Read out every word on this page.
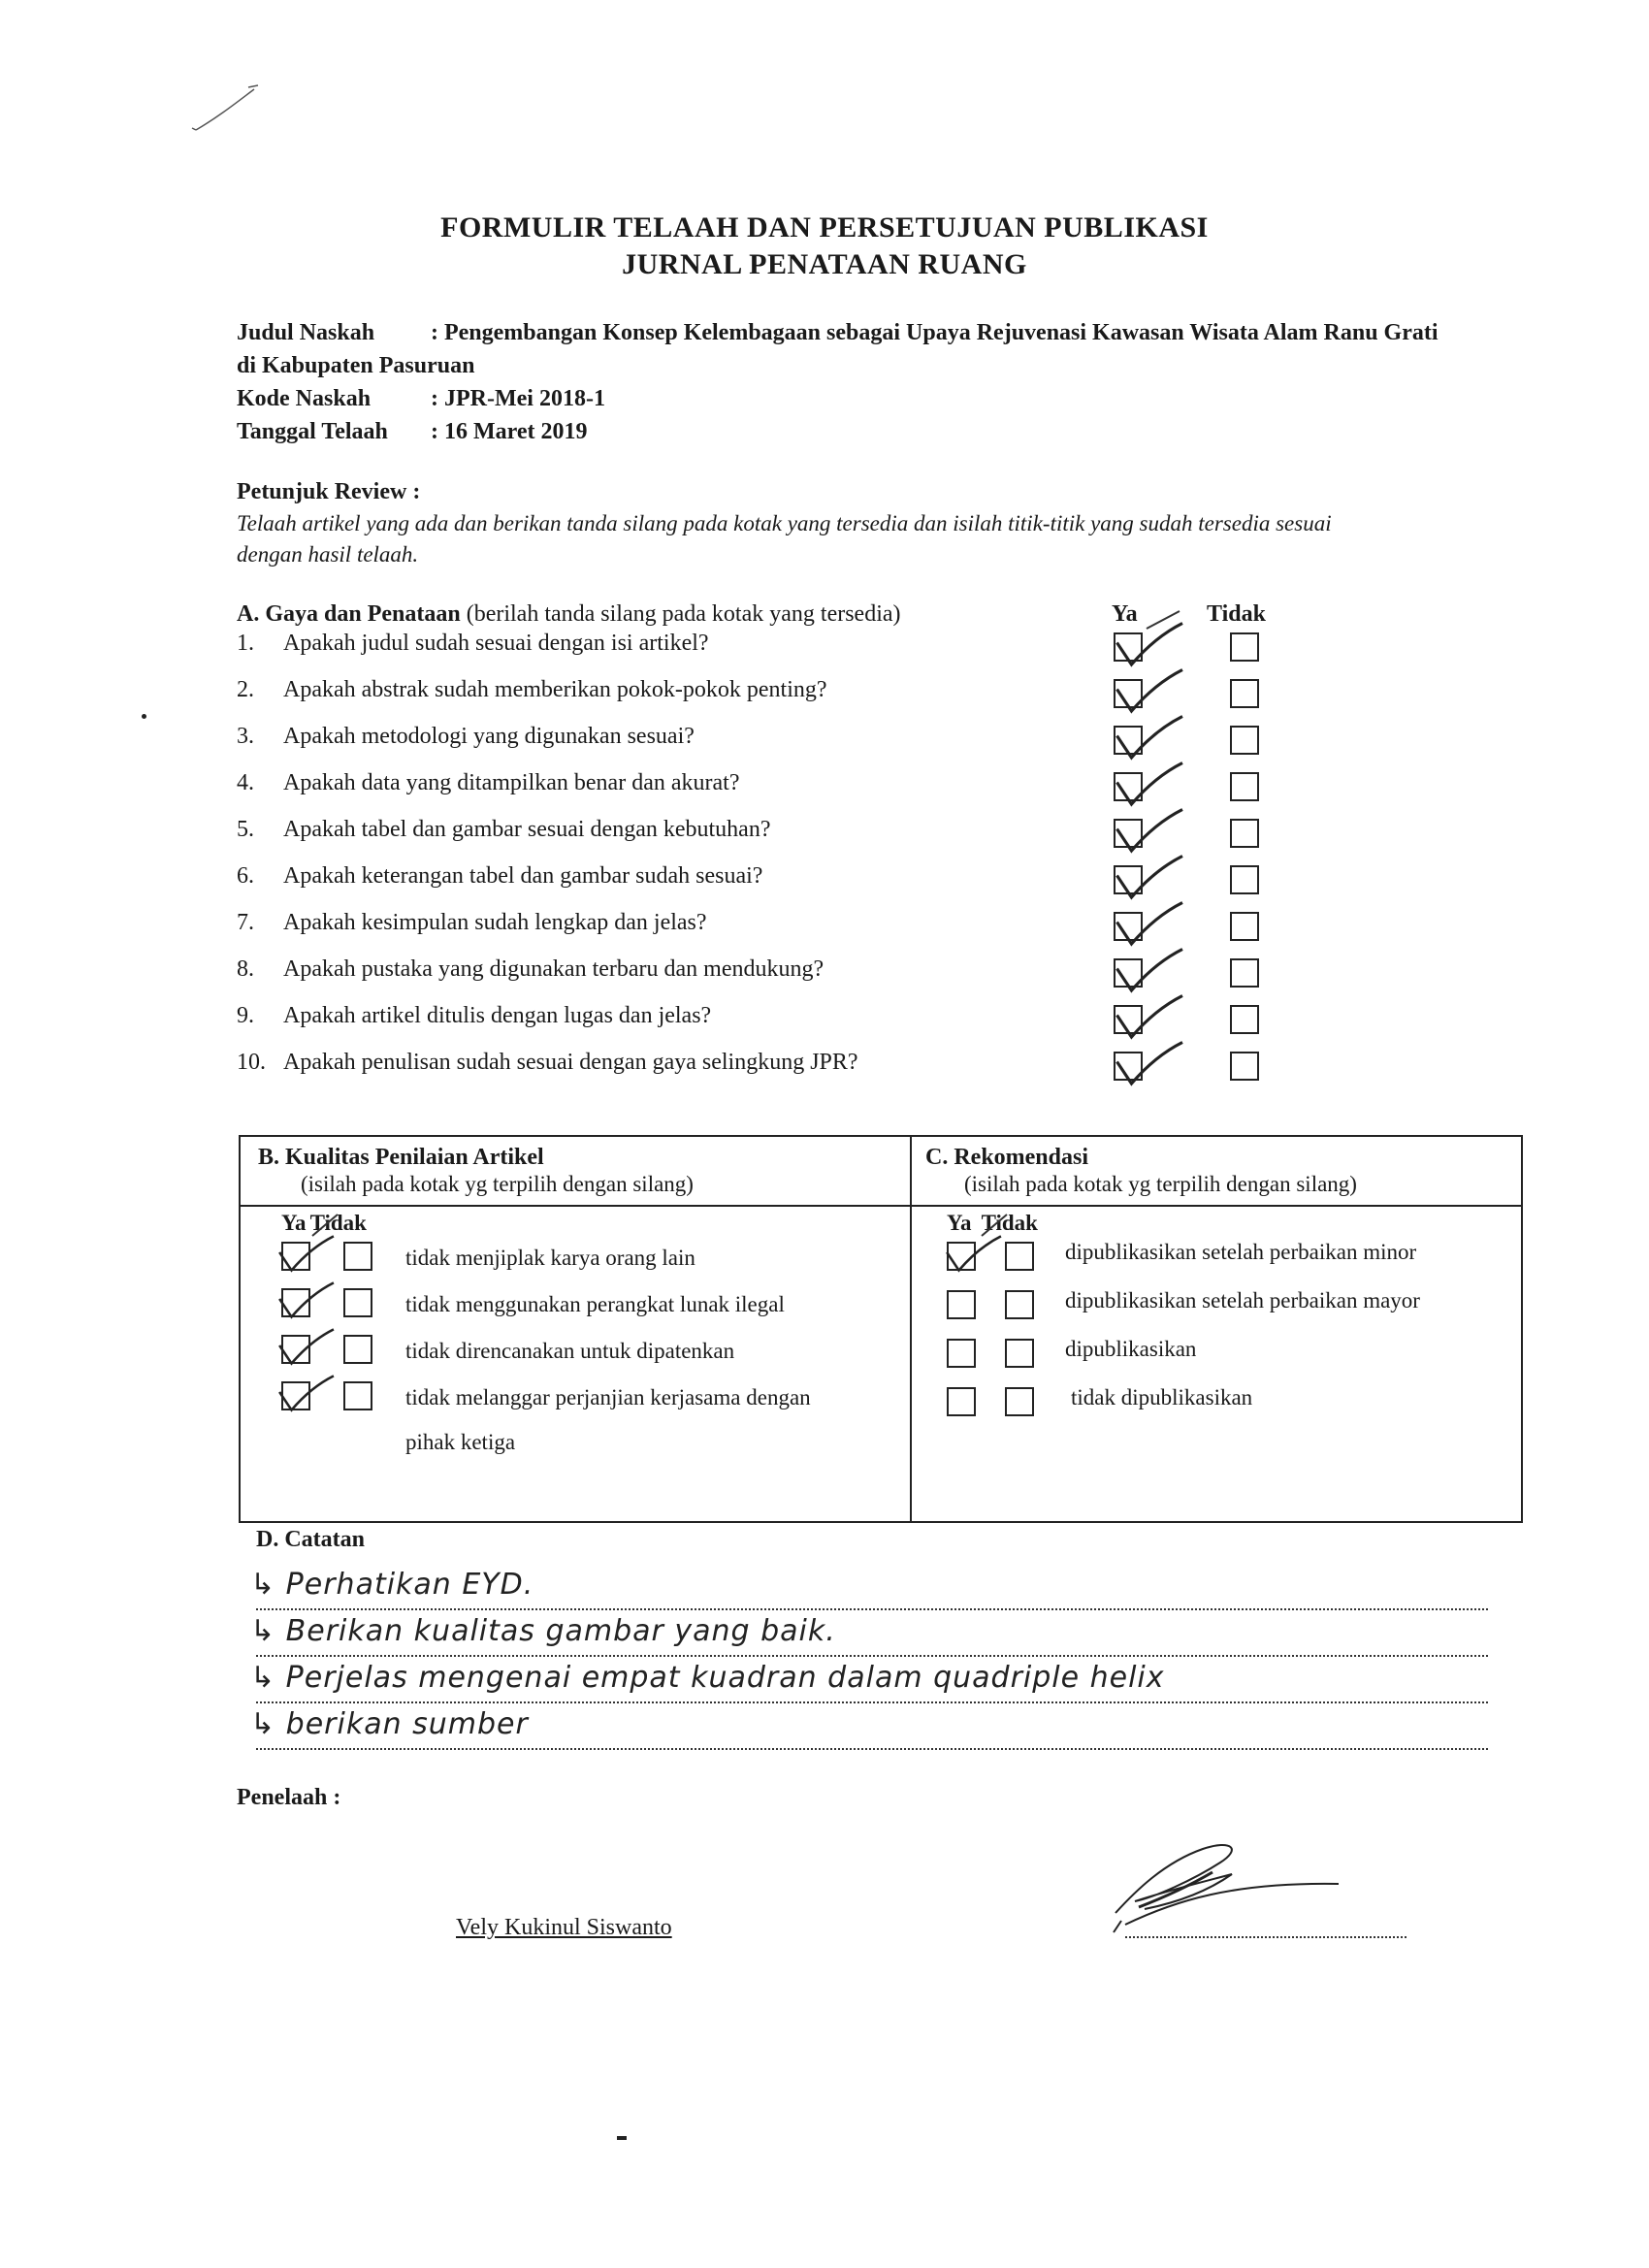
FORMULIR TELAAH DAN PERSETUJUAN PUBLIKASI
JURNAL PENATAAN RUANG
Judul Naskah : Pengembangan Konsep Kelembagaan sebagai Upaya Rejuvenasi Kawasan Wisata Alam Ranu Grati
di Kabupaten Pasuruan
Kode Naskah	: JPR-Mei 2018-1
Tanggal Telaah : 16 Maret 2019
Petunjuk Review :
Telaah artikel yang ada dan berikan tanda silang pada kotak yang tersedia dan isilah titik-titik yang sudah tersedia sesuai
dengan hasil telaah.
A. Gaya dan Penataan (berilah tanda silang pada kotak yang tersedia)	Ya	Tidak
1. Apakah judul sudah sesuai dengan isi artikel?
2. Apakah abstrak sudah memberikan pokok-pokok penting?
3. Apakah metodologi yang digunakan sesuai?
4. Apakah data yang ditampilkan benar dan akurat?
5. Apakah tabel dan gambar sesuai dengan kebutuhan?
6. Apakah keterangan tabel dan gambar sudah sesuai?
7. Apakah kesimpulan sudah lengkap dan jelas?
8. Apakah pustaka yang digunakan terbaru dan mendukung?
9. Apakah artikel ditulis dengan lugas dan jelas?
10. Apakah penulisan sudah sesuai dengan gaya selingkung JPR?
B. Kualitas Penilaian Artikel
(isilah pada kotak yg terpilih dengan silang)
C. Rekomendasi
(isilah pada kotak yg terpilih dengan silang)
Ya Tidak	Ya Tidak
tidak menjiplak karya orang lain
tidak menggunakan perangkat lunak ilegal
tidak direncanakan untuk dipatenkan
tidak melanggar perjanjian kerjasama dengan
pihak ketiga
dipublikasikan setelah perbaikan minor
dipublikasikan setelah perbaikan mayor
dipublikasikan
tidak dipublikasikan
D. Catatan
↳ Perhatikan EYD.
↳ Berikan kualitas gambar yang baik.
↳ Perjelas mengenai empat kuadran dalam quadriple helix
↳ berikan sumber
Penelaah :
Vely Kukinul Siswanto
